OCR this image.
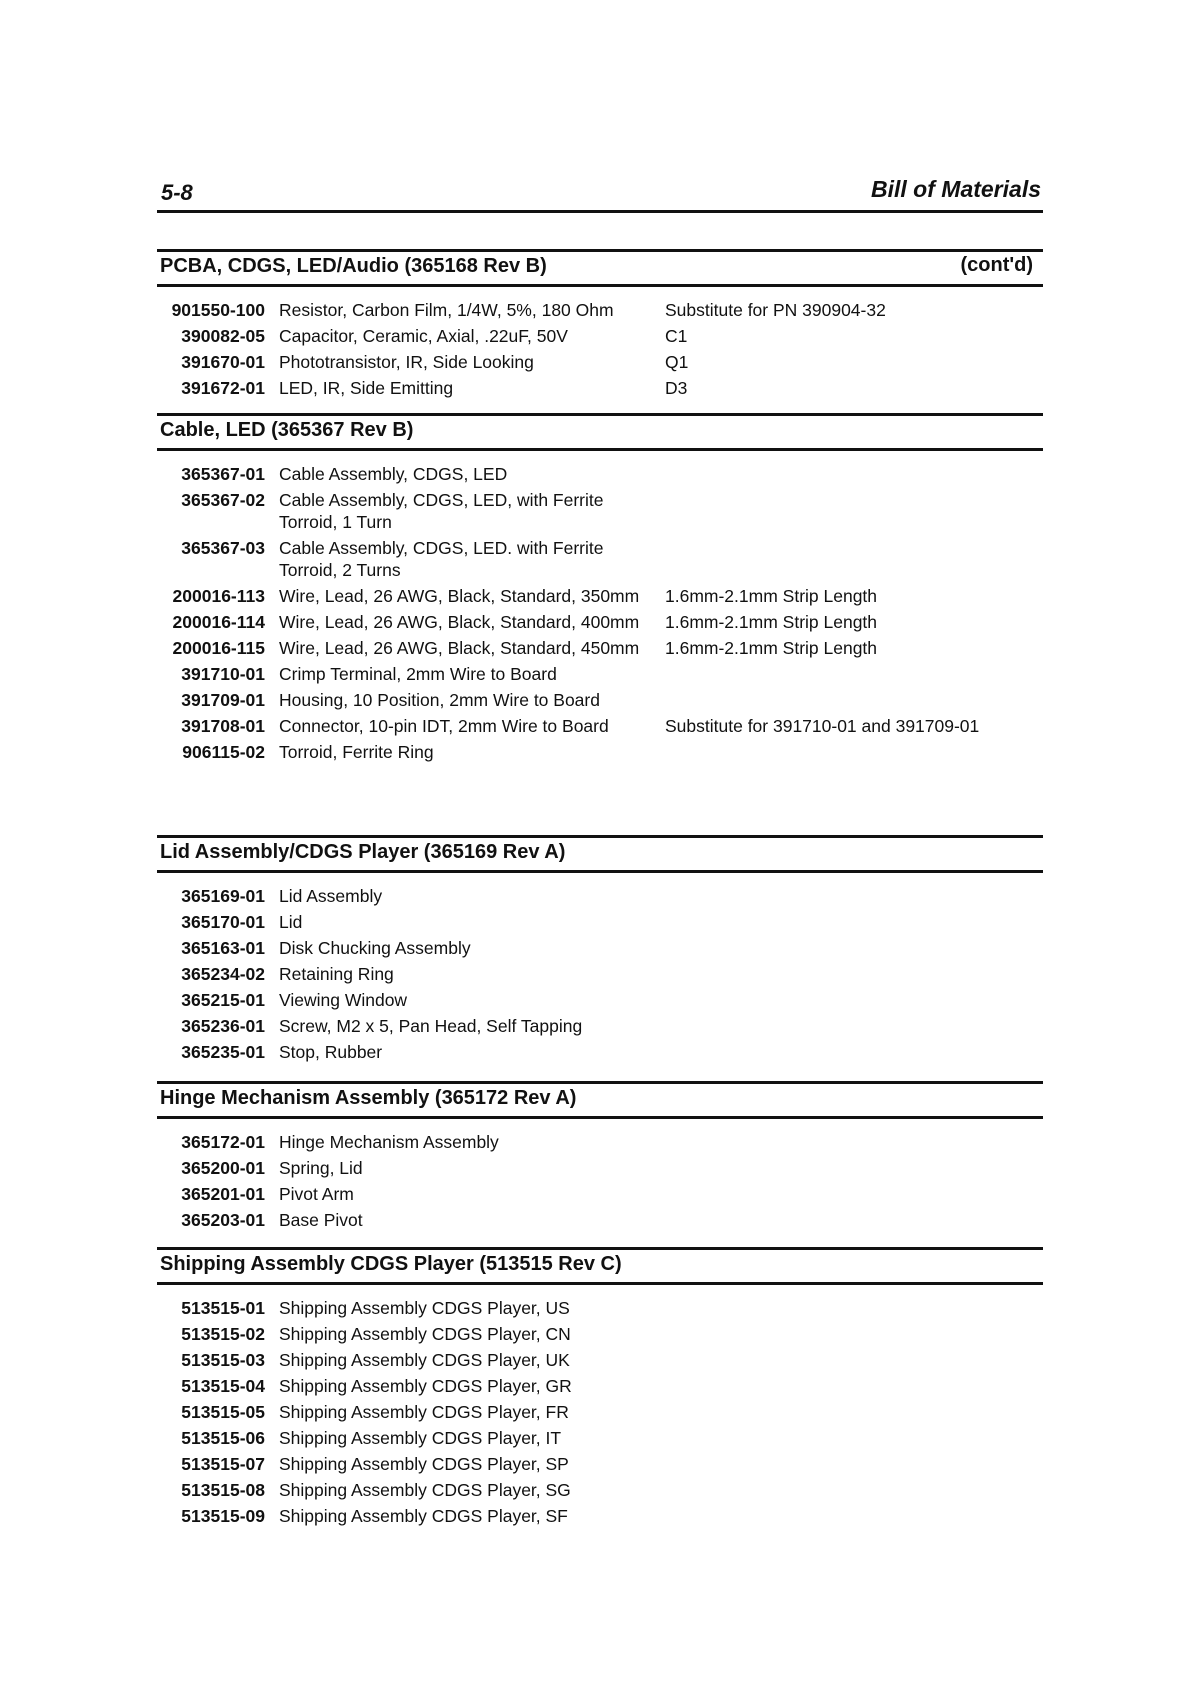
5-8	Bill of Materials
PCBA, CDGS, LED/Audio (365168 Rev B)	(cont'd)
901550-100 Resistor, Carbon Film, 1/4W, 5%, 180 Ohm	Substitute for PN 390904-32
390082-05 Capacitor, Ceramic, Axial, .22uF, 50V	C1
391670-01 Phototransistor, IR, Side Looking	Q1
391672-01 LED, IR, Side Emitting	D3
Cable, LED (365367 Rev B)
365367-01 Cable Assembly, CDGS, LED
365367-02 Cable Assembly, CDGS, LED, with Ferrite Torroid, 1 Turn
365367-03 Cable Assembly, CDGS, LED. with Ferrite Torroid, 2 Turns
200016-113 Wire, Lead, 26 AWG, Black, Standard, 350mm	1.6mm-2.1mm Strip Length
200016-114 Wire, Lead, 26 AWG, Black, Standard, 400mm	1.6mm-2.1mm Strip Length
200016-115 Wire, Lead, 26 AWG, Black, Standard, 450mm	1.6mm-2.1mm Strip Length
391710-01 Crimp Terminal, 2mm Wire to Board
391709-01 Housing, 10 Position, 2mm Wire to Board
391708-01 Connector, 10-pin IDT, 2mm Wire to Board	Substitute for 391710-01 and 391709-01
906115-02 Torroid, Ferrite Ring
Lid Assembly/CDGS Player (365169 Rev A)
365169-01 Lid Assembly
365170-01 Lid
365163-01 Disk Chucking Assembly
365234-02 Retaining Ring
365215-01 Viewing Window
365236-01 Screw, M2 x 5, Pan Head, Self Tapping
365235-01 Stop, Rubber
Hinge Mechanism Assembly (365172 Rev A)
365172-01 Hinge Mechanism Assembly
365200-01 Spring, Lid
365201-01 Pivot Arm
365203-01 Base Pivot
Shipping Assembly CDGS Player (513515 Rev C)
513515-01 Shipping Assembly CDGS Player, US
513515-02 Shipping Assembly CDGS Player, CN
513515-03 Shipping Assembly CDGS Player, UK
513515-04 Shipping Assembly CDGS Player, GR
513515-05 Shipping Assembly CDGS Player, FR
513515-06 Shipping Assembly CDGS Player, IT
513515-07 Shipping Assembly CDGS Player, SP
513515-08 Shipping Assembly CDGS Player, SG
513515-09 Shipping Assembly CDGS Player, SF
